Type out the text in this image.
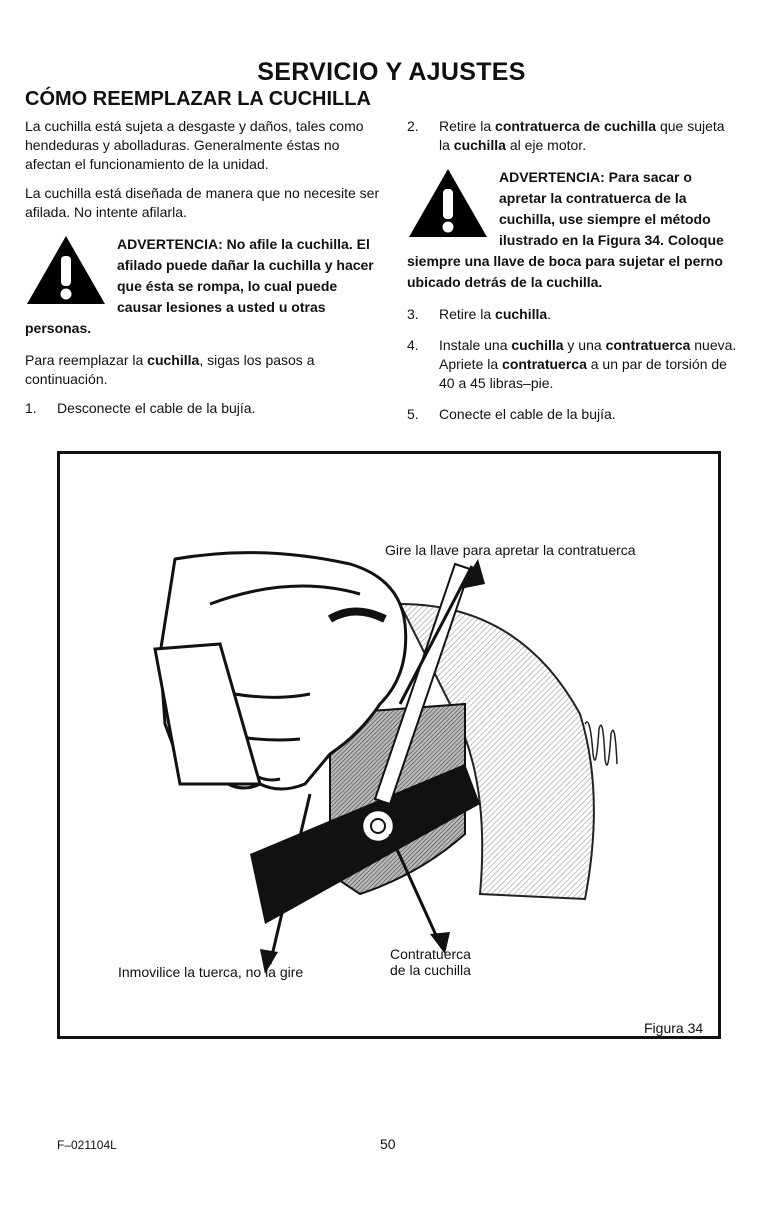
SERVICIO Y AJUSTES
CÓMO REEMPLAZAR LA CUCHILLA

La cuchilla está sujeta a desgaste y daños, tales como hendeduras y abolladuras. Generalmente éstas no afectan el funcionamiento de la unidad.

La cuchilla está diseñada de manera que no necesite ser afilada. No intente afilarla.

ADVERTENCIA: No afile la cuchilla. El afilado puede dañar la cuchilla y hacer que ésta se rompa, lo cual puede causar lesiones a usted u otras personas.

Para reemplazar la cuchilla, sigas los pasos a continuación.

1. Desconecte el cable de la bujía.
2. Retire la contratuerca de cuchilla que sujeta la cuchilla al eje motor.
ADVERTENCIA: Para sacar o apretar la contratuerca de la cuchilla, use siempre el método ilustrado en la Figura 34. Coloque siempre una llave de boca para sujetar el perno ubicado detrás de la cuchilla.
3. Retire la cuchilla.
4. Instale una cuchilla y una contratuerca nueva. Apriete la contratuerca a un par de torsión de 40 a 45 libras–pie.
5. Conecte el cable de la bujía.
Gire la llave para apretar la contratuerca
Inmovilice la tuerca, no la gire
Contratuerca
de la cuchilla
Figura 34
F–021104L	50
